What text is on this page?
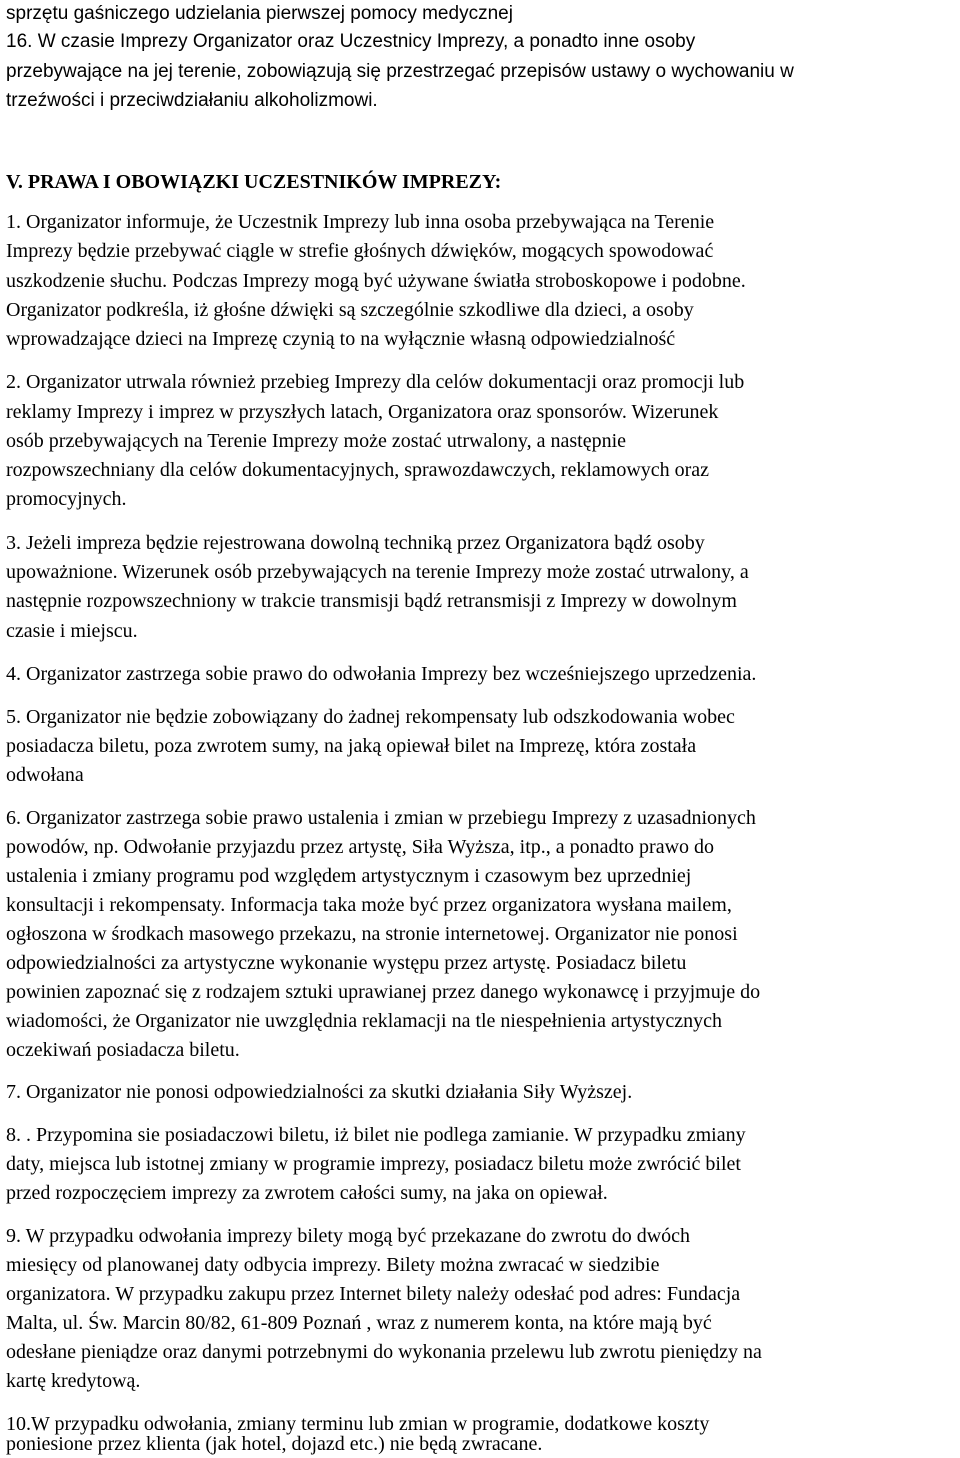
sprzętu gaśniczego udzielania pierwszej pomocy medycznej
16. W czasie Imprezy Organizator oraz Uczestnicy Imprezy, a ponadto inne osoby
przebywające na jej terenie, zobowiązują się przestrzegać przepisów ustawy o wychowaniu w
trzeźwości i przeciwdziałaniu alkoholizmowi.
V. PRAWA I OBOWIĄZKI UCZESTNIKÓW IMPREZY:
1. Organizator informuje, że Uczestnik Imprezy lub inna osoba przebywająca na Terenie
Imprezy będzie przebywać ciągle w strefie głośnych dźwięków, mogących spowodować
uszkodzenie słuchu. Podczas Imprezy mogą być używane światła stroboskopowe i podobne.
Organizator podkreśla, iż głośne dźwięki są szczególnie szkodliwe dla dzieci, a osoby
wprowadzające dzieci na Imprezę czynią to na wyłącznie własną odpowiedzialność
2. Organizator utrwala również przebieg Imprezy dla celów dokumentacji oraz promocji lub
reklamy Imprezy i imprez w przyszłych latach, Organizatora oraz sponsorów. Wizerunek
osób przebywających na Terenie Imprezy może zostać utrwalony, a następnie
rozpowszechniany dla celów dokumentacyjnych, sprawozdawczych, reklamowych oraz
promocyjnych.
3. Jeżeli impreza będzie rejestrowana dowolną techniką przez Organizatora bądź osoby
upoważnione. Wizerunek osób przebywających na terenie Imprezy może zostać utrwalony, a
następnie rozpowszechniony w trakcie transmisji bądź retransmisji z Imprezy w dowolnym
czasie i miejscu.
4. Organizator zastrzega sobie prawo do odwołania Imprezy bez wcześniejszego uprzedzenia.
5. Organizator nie będzie zobowiązany do żadnej rekompensaty lub odszkodowania wobec
posiadacza biletu, poza zwrotem sumy, na jaką opiewał bilet na Imprezę, która została
odwołana
6. Organizator zastrzega sobie prawo ustalenia i zmian w przebiegu Imprezy z uzasadnionych
powodów, np. Odwołanie przyjazdu przez artystę, Siła Wyższa, itp., a ponadto prawo do
ustalenia i zmiany programu pod względem artystycznym i czasowym bez uprzedniej
konsultacji i rekompensaty. Informacja taka może być przez organizatora wysłana mailem,
ogłoszona w środkach masowego przekazu, na stronie internetowej. Organizator nie ponosi
odpowiedzialności za artystyczne wykonanie występu przez artystę. Posiadacz biletu
powinien zapoznać się z rodzajem sztuki uprawianej przez danego wykonawcę i przyjmuje do
wiadomości, że Organizator nie uwzględnia reklamacji na tle niespełnienia artystycznych
oczekiwań posiadacza biletu.
7. Organizator nie ponosi odpowiedzialności za skutki działania Siły Wyższej.
8. . Przypomina sie posiadaczowi biletu, iż bilet nie podlega zamianie. W przypadku zmiany
daty, miejsca lub istotnej zmiany w programie imprezy, posiadacz biletu może zwrócić bilet
przed rozpoczęciem imprezy za zwrotem całości sumy, na jaka on opiewał.
9. W przypadku odwołania imprezy bilety mogą być przekazane do zwrotu do dwóch
miesięcy od planowanej daty odbycia imprezy. Bilety można zwracać w siedzibie
organizatora. W przypadku zakupu przez Internet bilety należy odesłać pod adres: Fundacja
Malta, ul. Św. Marcin 80/82, 61-809 Poznań , wraz z numerem konta, na które mają być
odesłane pieniądze oraz danymi potrzebnymi do wykonania przelewu lub zwrotu pieniędzy na
kartę kredytową.
10.W przypadku odwołania, zmiany terminu lub zmian w programie, dodatkowe koszty
poniesione przez klienta (jak hotel, dojazd etc.) nie będą zwracane.
